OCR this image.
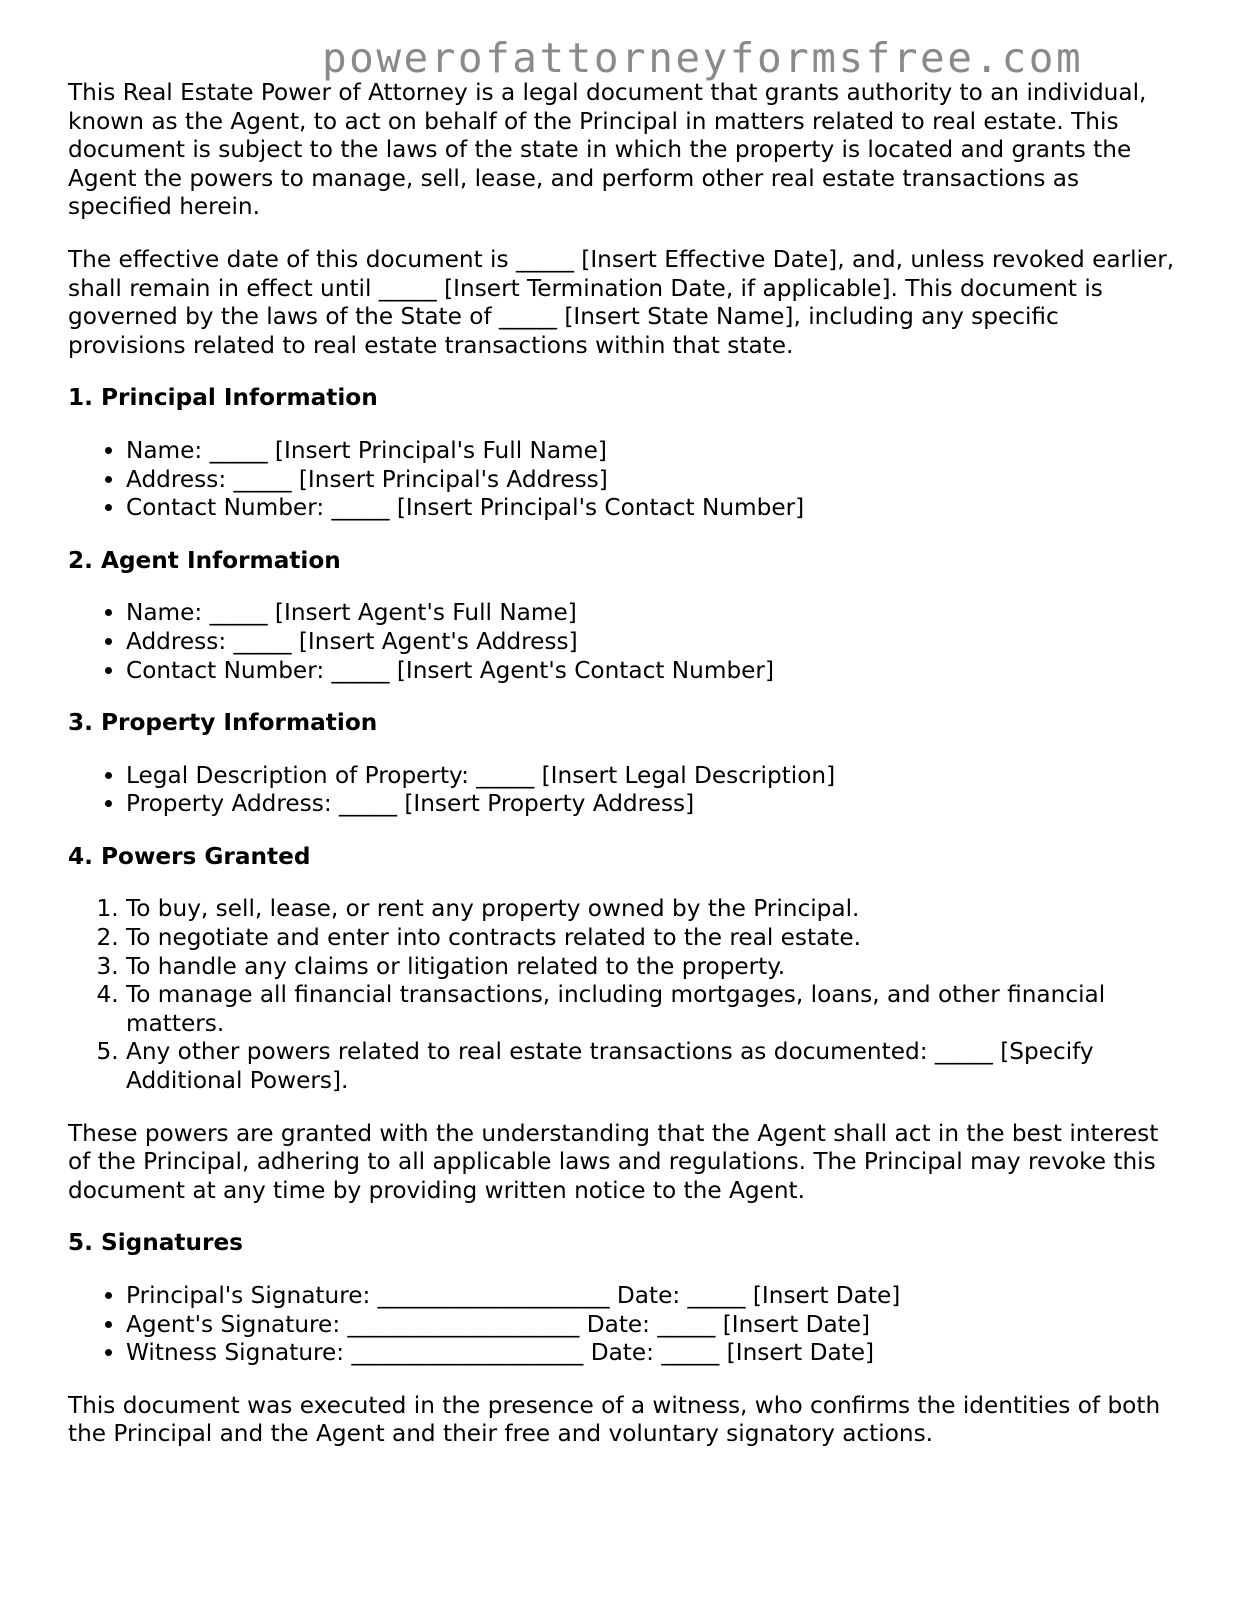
powerofattorneyformsfree.com

This Real Estate Power of Attorney is a legal document that grants authority to an individual, known as the Agent, to act on behalf of the Principal in matters related to real estate. This document is subject to the laws of the state in which the property is located and grants the Agent the powers to manage, sell, lease, and perform other real estate transactions as specified herein.

The effective date of this document is _____ [Insert Effective Date], and, unless revoked earlier, shall remain in effect until _____ [Insert Termination Date, if applicable]. This document is governed by the laws of the State of _____ [Insert State Name], including any specific provisions related to real estate transactions within that state.

1. Principal Information
• Name: _____ [Insert Principal's Full Name]
• Address: _____ [Insert Principal's Address]
• Contact Number: _____ [Insert Principal's Contact Number]
2. Agent Information
• Name: _____ [Insert Agent's Full Name]
• Address: _____ [Insert Agent's Address]
• Contact Number: _____ [Insert Agent's Contact Number]
3. Property Information
• Legal Description of Property: _____ [Insert Legal Description]
• Property Address: _____ [Insert Property Address]
4. Powers Granted
1. To buy, sell, lease, or rent any property owned by the Principal.
2. To negotiate and enter into contracts related to the real estate.
3. To handle any claims or litigation related to the property.
4. To manage all financial transactions, including mortgages, loans, and other financial matters.
5. Any other powers related to real estate transactions as documented: _____ [Specify Additional Powers].

These powers are granted with the understanding that the Agent shall act in the best interest of the Principal, adhering to all applicable laws and regulations. The Principal may revoke this document at any time by providing written notice to the Agent.

5. Signatures
• Principal's Signature: ____________________ Date: _____ [Insert Date]
• Agent's Signature: ____________________ Date: _____ [Insert Date]
• Witness Signature: ____________________ Date: _____ [Insert Date]

This document was executed in the presence of a witness, who confirms the identities of both the Principal and the Agent and their free and voluntary signatory actions.
